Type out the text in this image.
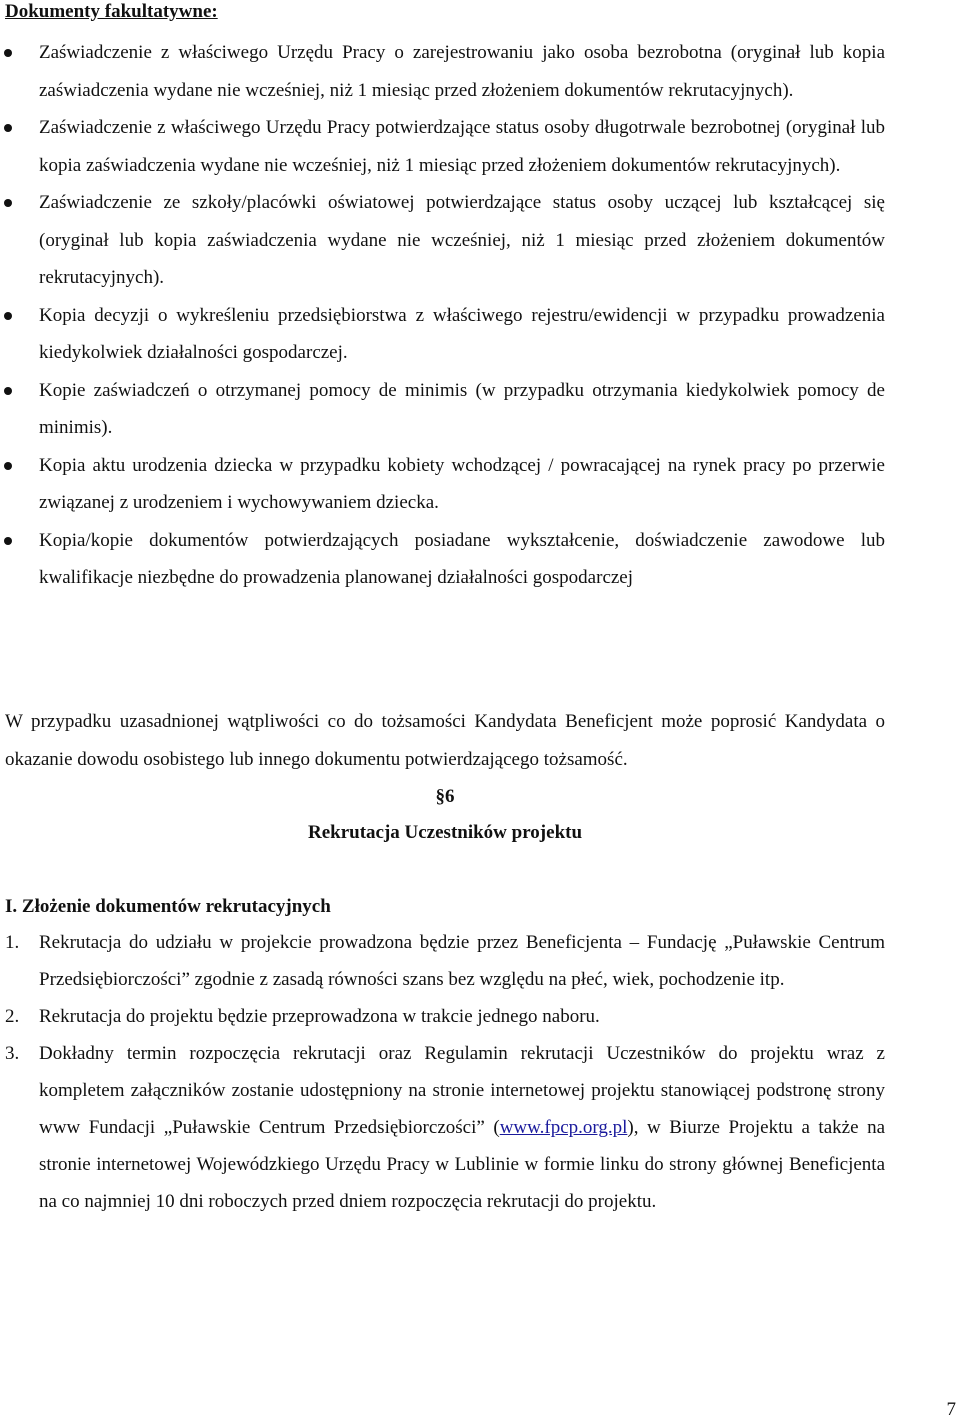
Dokumenty fakultatywne:
Zaświadczenie z właściwego Urzędu Pracy o zarejestrowaniu jako osoba bezrobotna (oryginał lub kopia zaświadczenia wydane nie wcześniej, niż 1 miesiąc przed złożeniem dokumentów rekrutacyjnych).
Zaświadczenie z właściwego Urzędu Pracy potwierdzające status osoby długotrwale bezrobotnej (oryginał lub kopia zaświadczenia wydane nie wcześniej, niż 1 miesiąc przed złożeniem dokumentów rekrutacyjnych).
Zaświadczenie ze szkoły/placówki oświatowej potwierdzające status osoby uczącej lub kształcącej się (oryginał lub kopia zaświadczenia wydane nie wcześniej, niż 1 miesiąc przed złożeniem dokumentów rekrutacyjnych).
Kopia decyzji o wykreśleniu przedsiębiorstwa z właściwego rejestru/ewidencji w przypadku prowadzenia kiedykolwiek działalności gospodarczej.
Kopie zaświadczeń o otrzymanej pomocy de minimis (w przypadku otrzymania kiedykolwiek pomocy de minimis).
Kopia aktu urodzenia dziecka w przypadku kobiety wchodzącej / powracającej na rynek pracy po przerwie związanej z urodzeniem i wychowywaniem dziecka.
Kopia/kopie dokumentów potwierdzających posiadane wykształcenie, doświadczenie zawodowe lub kwalifikacje niezbędne do prowadzenia planowanej działalności gospodarczej
W przypadku uzasadnionej wątpliwości co do tożsamości Kandydata Beneficjent może poprosić Kandydata o okazanie dowodu osobistego lub innego dokumentu potwierdzającego tożsamość.
§6
Rekrutacja Uczestników projektu
I. Złożenie dokumentów rekrutacyjnych
1. Rekrutacja do udziału w projekcie prowadzona będzie przez Beneficjenta – Fundację „Puławskie Centrum Przedsiębiorczości” zgodnie z zasadą równości szans bez względu na płeć, wiek, pochodzenie itp.
2. Rekrutacja do projektu będzie przeprowadzona w trakcie jednego naboru.
3. Dokładny termin rozpoczęcia rekrutacji oraz Regulamin rekrutacji Uczestników do projektu wraz z kompletem załączników zostanie udostępniony na stronie internetowej projektu stanowiącej podstronę strony www Fundacji „Puławskie Centrum Przedsiębiorczości” (www.fpcp.org.pl), w Biurze Projektu a także na stronie internetowej Wojewódzkiego Urzędu Pracy w Lublinie w formie linku do strony głównej Beneficjenta na co najmniej 10 dni roboczych przed dniem rozpoczęcia rekrutacji do projektu.
7
